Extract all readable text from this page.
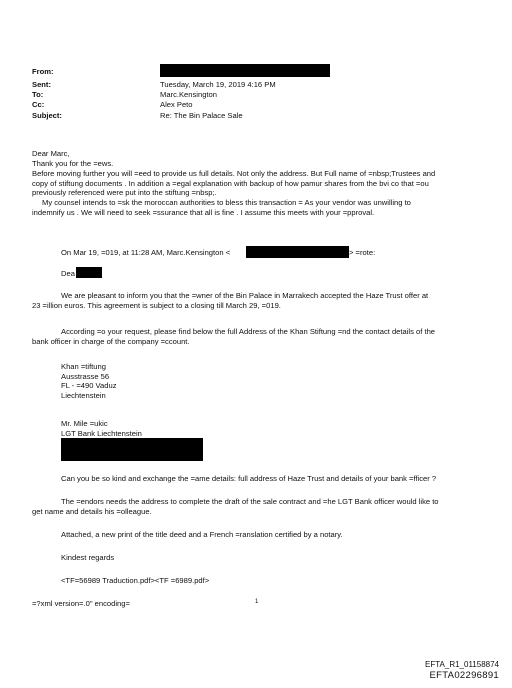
From:
Sent:	Tuesday, March 19, 2019 4:16 PM
To:	Marc.Kensington
Cc:	Alex Peto
Subject:	Re: The Bin Palace Sale
Dear Marc,
Thank you for the =ews.
Before moving further you will =eed to provide us full details. Not only the address. But Full name of =nbsp;Trustees and
copy of stiftung documents . In addition a =egal explanation with backup of how pamur shares from the bvi co that =ou
previously referenced were put into the stiftung =nbsp;.
My counsel intends to =sk the moroccan authorities to bless this transaction = As your vendor was unwilling to
indemnify us . We will need to seek =ssurance that all is fine . I assume this meets with your =pproval.
On Mar 19, =019, at 11:28 AM, Marc.Kensington <	> =rote:
Dea
We are pleasant to inform you that the =wner of the Bin Palace in Marrakech accepted the Haze Trust offer at
23 =illion euros. This agreement is subject to a closing till March 29, =019.
According =o your request, please find below the full Address of the Khan Stiftung =nd the contact details of the
bank officer in charge of the company =ccount.
Khan =tiftung
Ausstrasse 56
FL - =490 Vaduz
Liechtenstein
Mr. Mile =ukic
LGT Bank Liechtenstein
Can you be so kind and exchange the =ame details: full address of Haze Trust and details of your bank =fficer ?
The =endors needs the address to complete the draft of the sale contract and =he LGT Bank officer would like to
get name and details his =olleague.
Attached, a new print of the title deed and a French =ranslation certified by a notary.
Kindest regards
<TF=56989 Traduction.pdf><TF =6989.pdf>
=?xml version=.0" encoding=	1
EFTA_R1_01158874
EFTA02296891
